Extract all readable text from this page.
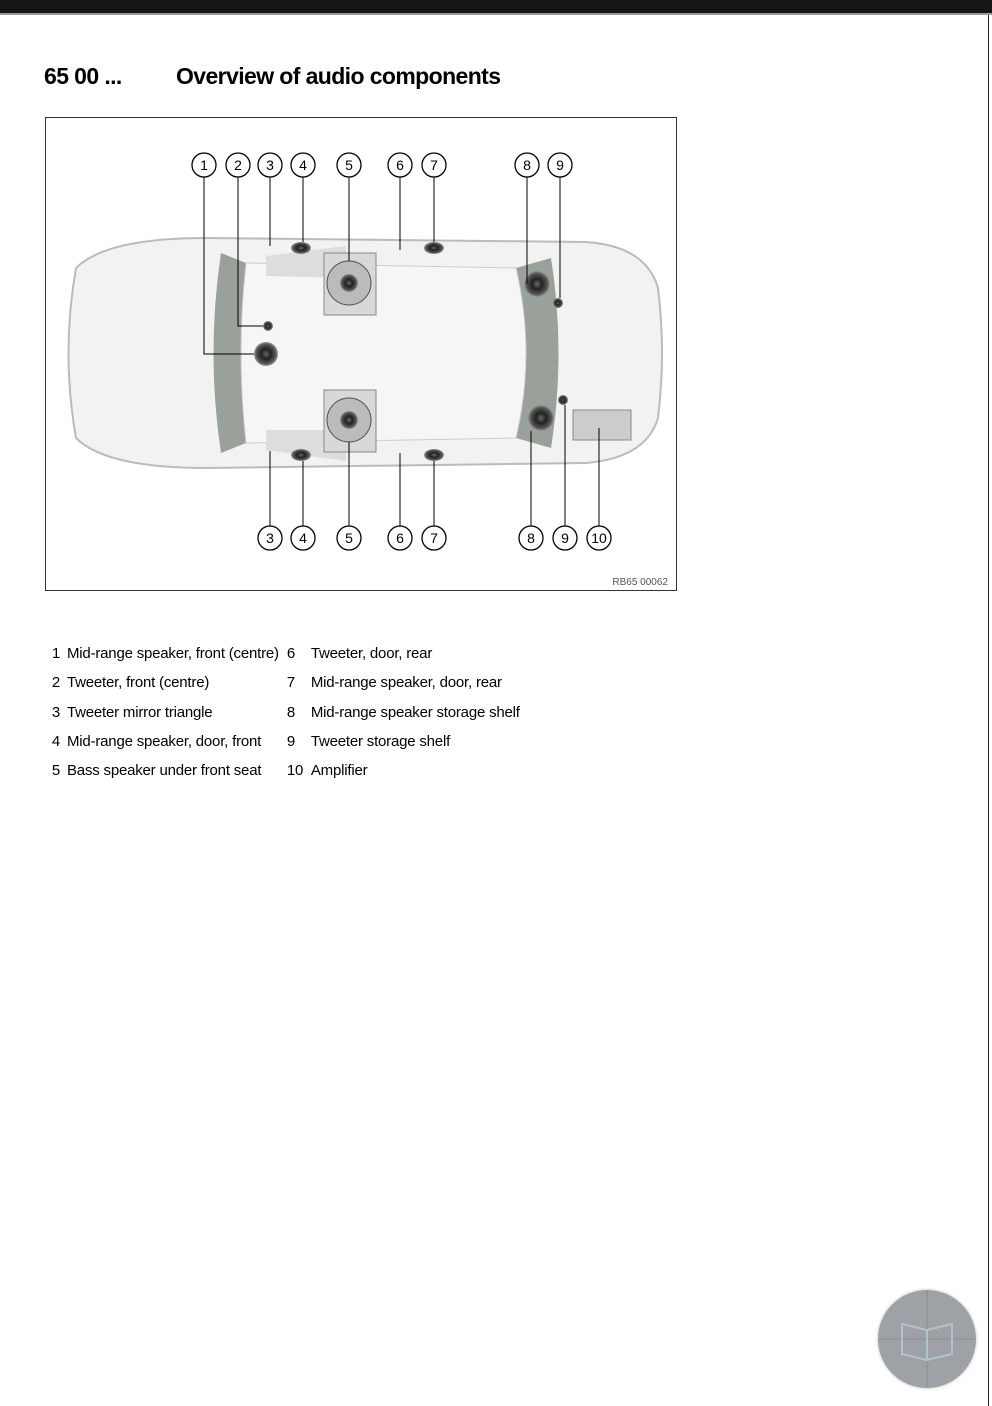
65 00 ... Overview of audio components
1 2 3 4	5	6 7	8 9
3 4	5	6 7	8 9 10
RB65 00062
1	Mid-range speaker, front (centre)	6	Tweeter, door, rear
2	Tweeter, front (centre)	7	Mid-range speaker, door, rear
3	Tweeter mirror triangle	8	Mid-range speaker storage shelf
4	Mid-range speaker, door, front	9	Tweeter storage shelf
5	Bass speaker under front seat	10	Amplifier
